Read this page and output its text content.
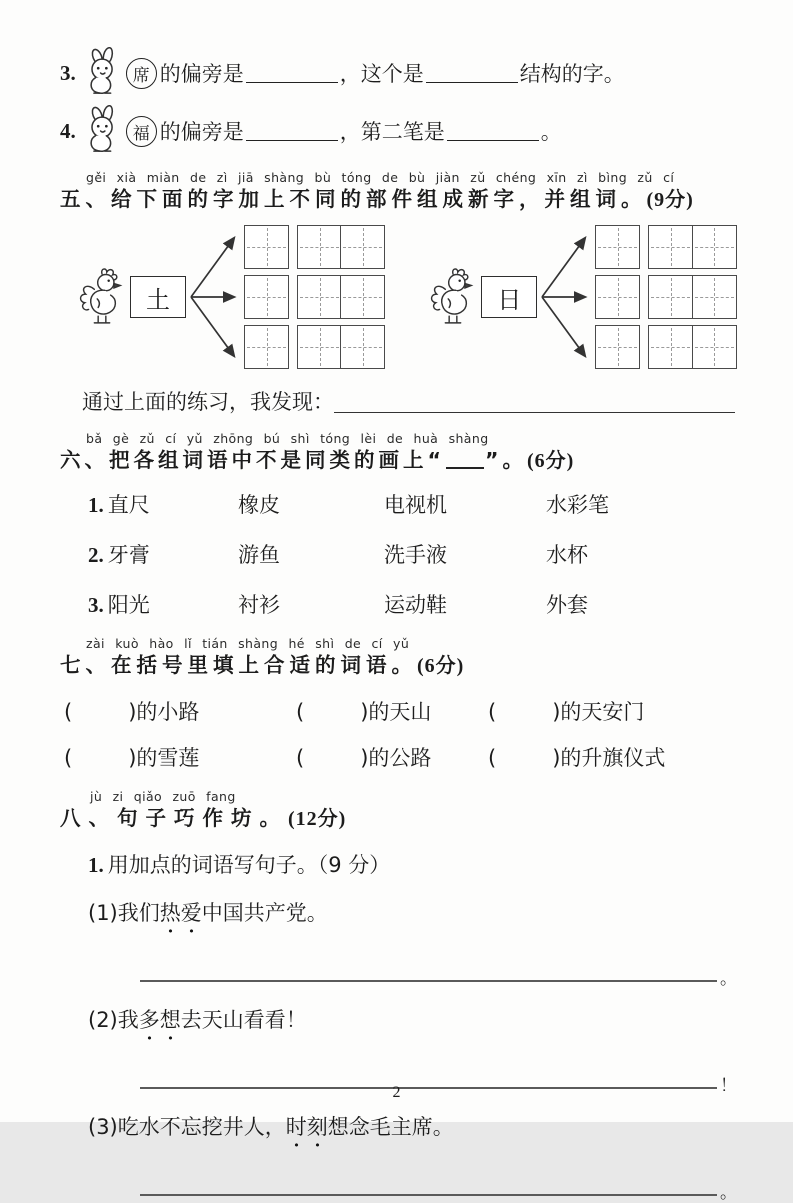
3.	席 的偏旁是	，这个是	结构的字。
4.	福 的偏旁是	，第二笔是	。
gěi xià miàn de zì jiā shàng bù tóng de bù jiàn zǔ chéng xīn zì bìng zǔ cí
五、给下面的字加上不同的部件组成新字，并组词。(9分)
土	日
通过上面的练习，我发现：
bǎ gè zǔ cí yǔ zhōng bú shì tóng lèi de huà shàng
六、把各组词语中不是同类的画上“ ”。(6分)
1. 直尺	橡皮	电视机	水彩笔
2. 牙膏	游鱼	洗手液	水杯
3. 阳光	衬衫	运动鞋	外套
zài kuò hào lǐ tián shàng hé shì de cí yǔ
七、在括号里填上合适的词语。(6分)
(	)的小路	(	)的天山	(	)的天安门
(	)的雪莲	(	)的公路	(	)的升旗仪式
jù zi qiǎo zuō fang
八、句子巧作坊。(12分)
1. 用加点的词语写句子。（9 分）
(1)我们热爱中国共产党。
。
(2)我多想去天山看看！
！
(3)吃水不忘挖井人，时刻想念毛主席。
。
2
